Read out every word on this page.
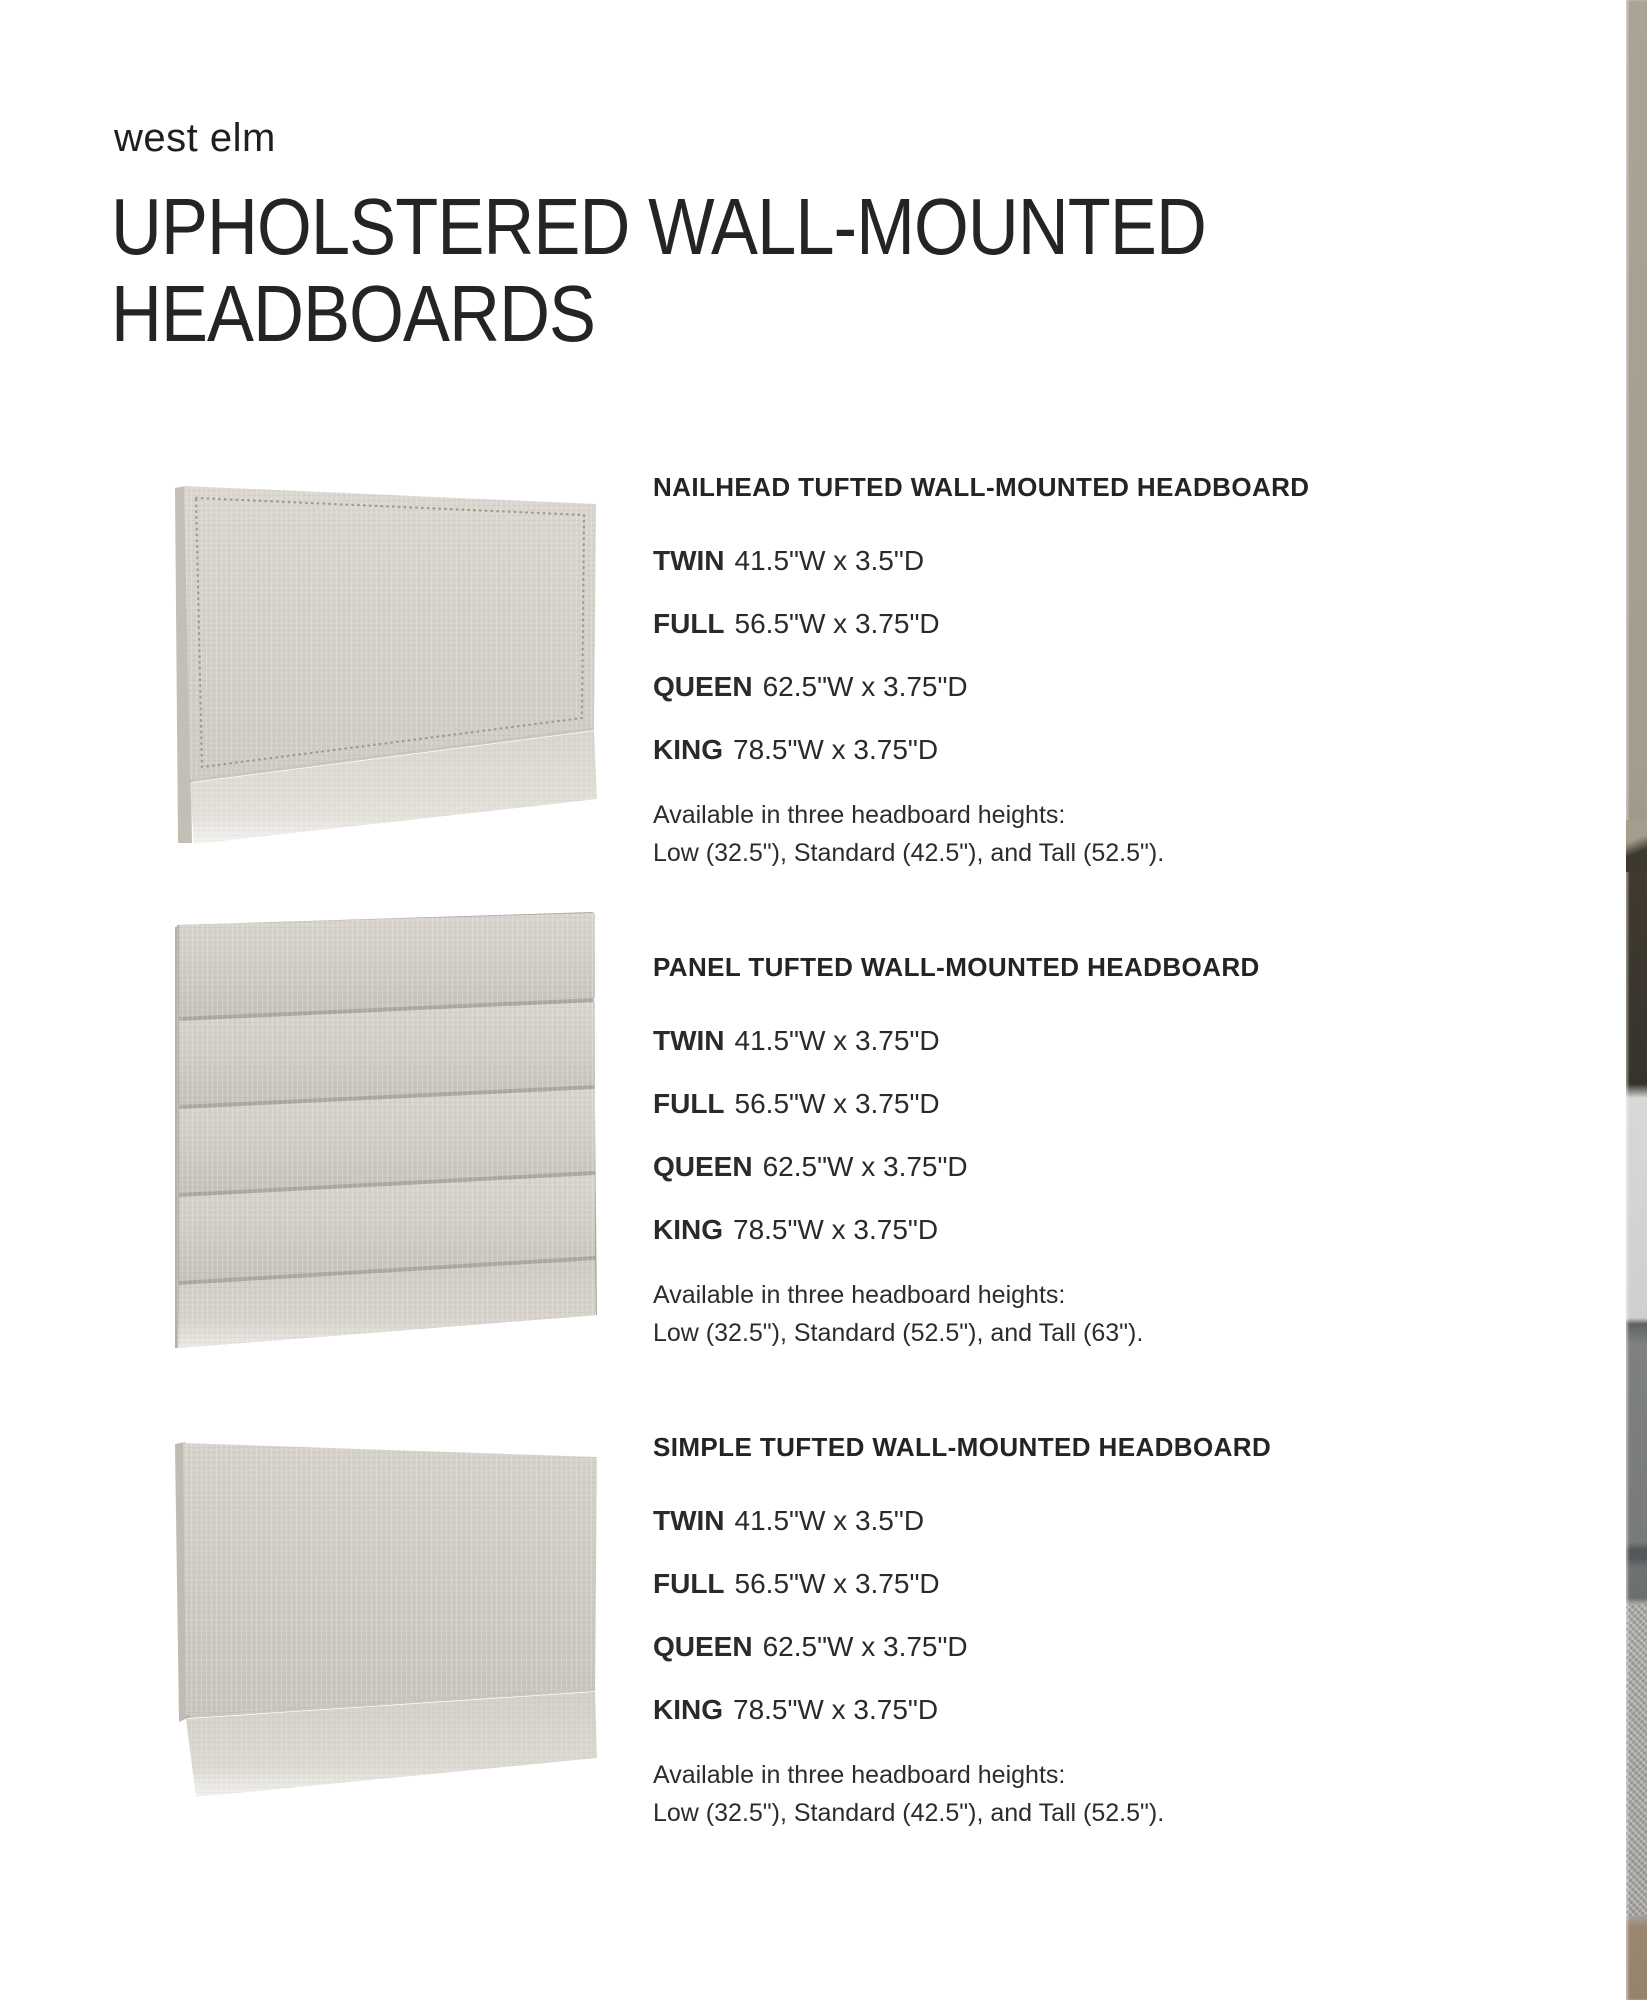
west elm
UPHOLSTERED WALL-MOUNTED
HEADBOARDS
NAILHEAD TUFTED WALL-MOUNTED HEADBOARD
TWIN 41.5"W x 3.5"D
FULL 56.5"W x 3.75"D
QUEEN 62.5"W x 3.75"D
KING 78.5"W x 3.75"D
Available in three headboard heights:
Low (32.5"), Standard (42.5"), and Tall (52.5").
PANEL TUFTED WALL-MOUNTED HEADBOARD
TWIN 41.5"W x 3.75"D
FULL 56.5"W x 3.75"D
QUEEN 62.5"W x 3.75"D
KING 78.5"W x 3.75"D
Available in three headboard heights:
Low (32.5"), Standard (52.5"), and Tall (63").
SIMPLE TUFTED WALL-MOUNTED HEADBOARD
TWIN 41.5"W x 3.5"D
FULL 56.5"W x 3.75"D
QUEEN 62.5"W x 3.75"D
KING 78.5"W x 3.75"D
Available in three headboard heights:
Low (32.5"), Standard (42.5"), and Tall (52.5").
